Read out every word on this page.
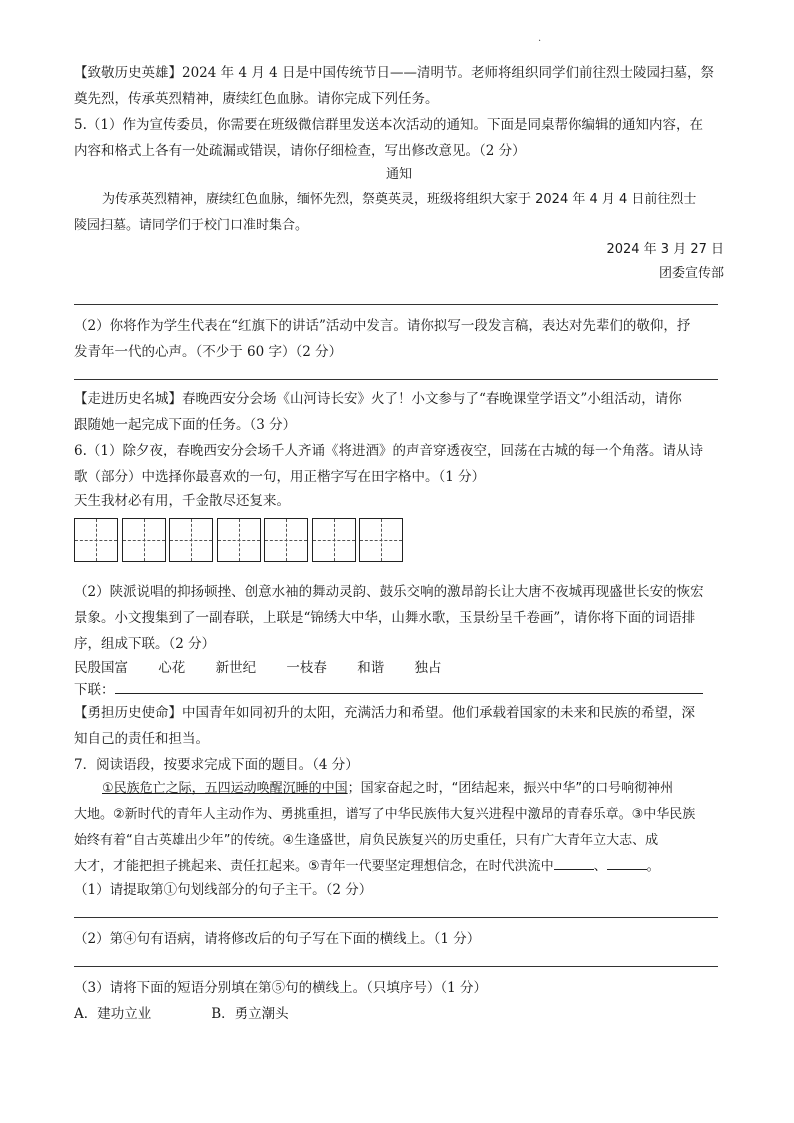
·
【致敬历史英雄】2024 年 4 月 4 日是中国传统节日——清明节。老师将组织同学们前往烈士陵园扫墓，祭
奠先烈，传承英烈精神，赓续红色血脉。请你完成下列任务。
5.（1）作为宣传委员，你需要在班级微信群里发送本次活动的通知。下面是同桌帮你编辑的通知内容，在
内容和格式上各有一处疏漏或错误，请你仔细检查，写出修改意见。（2 分）
通知
为传承英烈精神，赓续红色血脉，缅怀先烈，祭奠英灵，班级将组织大家于 2024 年 4 月 4 日前往烈士
陵园扫墓。请同学们于校门口准时集合。
2024 年 3 月 27 日
团委宣传部
（2）你将作为学生代表在“红旗下的讲话”活动中发言。请你拟写一段发言稿，表达对先辈们的敬仰，抒
发青年一代的心声。（不少于 60 字）（2 分）
【走进历史名城】春晚西安分会场《山河诗长安》火了！小文参与了“春晚课堂学语文”小组活动，请你
跟随她一起完成下面的任务。（3 分）
6.（1）除夕夜，春晚西安分会场千人齐诵《将进酒》的声音穿透夜空，回荡在古城的每一个角落。请从诗
歌（部分）中选择你最喜欢的一句，用正楷字写在田字格中。（1 分）
天生我材必有用，千金散尽还复来。
（2）陕派说唱的抑扬顿挫、创意水袖的舞动灵韵、鼓乐交响的激昂韵长让大唐不夜城再现盛世长安的恢宏
景象。小文搜集到了一副春联，上联是“锦绣大中华，山舞水歌，玉景纷呈千卷画”，请你将下面的词语排
序，组成下联。（2 分）
民殷国富 心花 新世纪 一枝春 和谐 独占
下联：
【勇担历史使命】中国青年如同初升的太阳，充满活力和希望。他们承载着国家的未来和民族的希望，深
知自己的责任和担当。
7．阅读语段，按要求完成下面的题目。（4 分）
①民族危亡之际，五四运动唤醒沉睡的中国；国家奋起之时，“团结起来，振兴中华”的口号响彻神州
大地。②新时代的青年人主动作为、勇挑重担，谱写了中华民族伟大复兴进程中激昂的青春乐章。③中华民族
始终有着“自古英雄出少年”的传统。④生逢盛世，肩负民族复兴的历史重任，只有广大青年立大志、成
大才，才能把担子挑起来、责任扛起来。⑤青年一代要坚定理想信念，在时代洪流中	、	。
（1）请提取第①句划线部分的句子主干。（2 分）
（2）第④句有语病，请将修改后的句子写在下面的横线上。（1 分）
（3）请将下面的短语分别填在第⑤句的横线上。（只填序号）（1 分）
A．建功立业	B．勇立潮头
